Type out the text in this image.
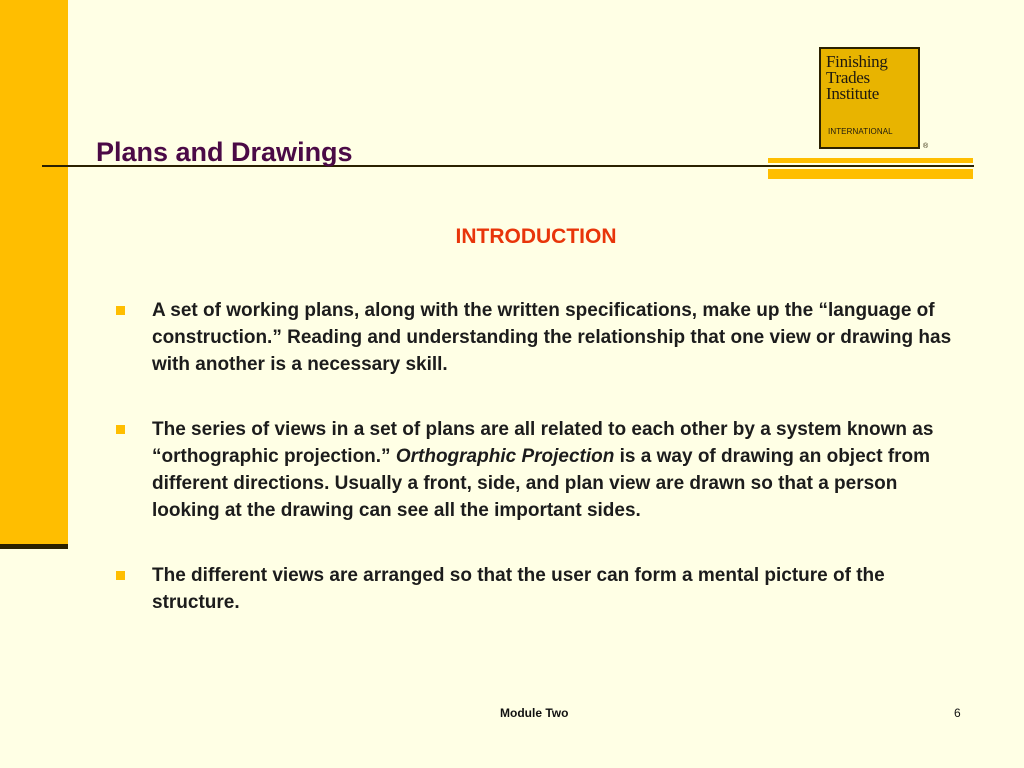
Plans and Drawings
Finishing
Trades
Institute
INTERNATIONAL
®
INTRODUCTION
A set of working plans, along with the written specifications, make up the “language of construction.” Reading and understanding the relationship that one view or drawing has with another is a necessary skill.
The series of views in a set of plans are all related to each other by a system known as “orthographic projection.” Orthographic Projection is a way of drawing an object from different directions. Usually a front, side, and plan view are drawn so that a person looking at the drawing can see all the important sides.
The different views are arranged so that the user can form a mental picture of the structure.
Module Two	6
